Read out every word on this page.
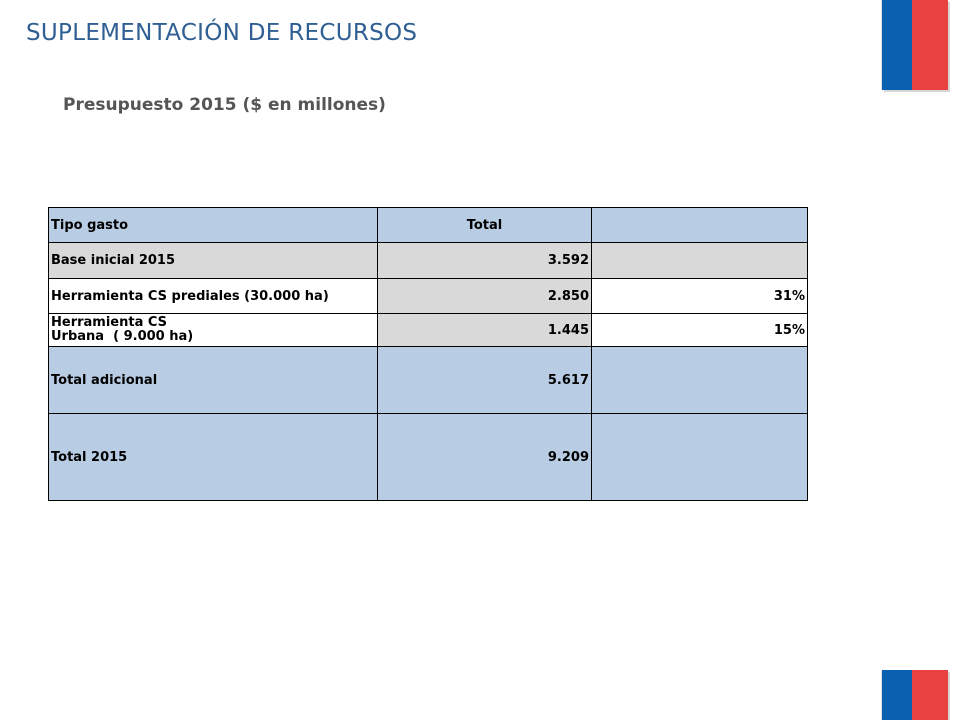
SUPLEMENTACIÓN DE RECURSOS
Presupuesto 2015 ($ en millones)
Tipo gasto	Total	
Base inicial 2015	3.592	
Herramienta CS prediales (30.000 ha)	2.850	31%

Herramienta CS
Urbana  ( 9.000 ha)	1.445	15%
Total adicional	5.617	
Total 2015	9.209	
